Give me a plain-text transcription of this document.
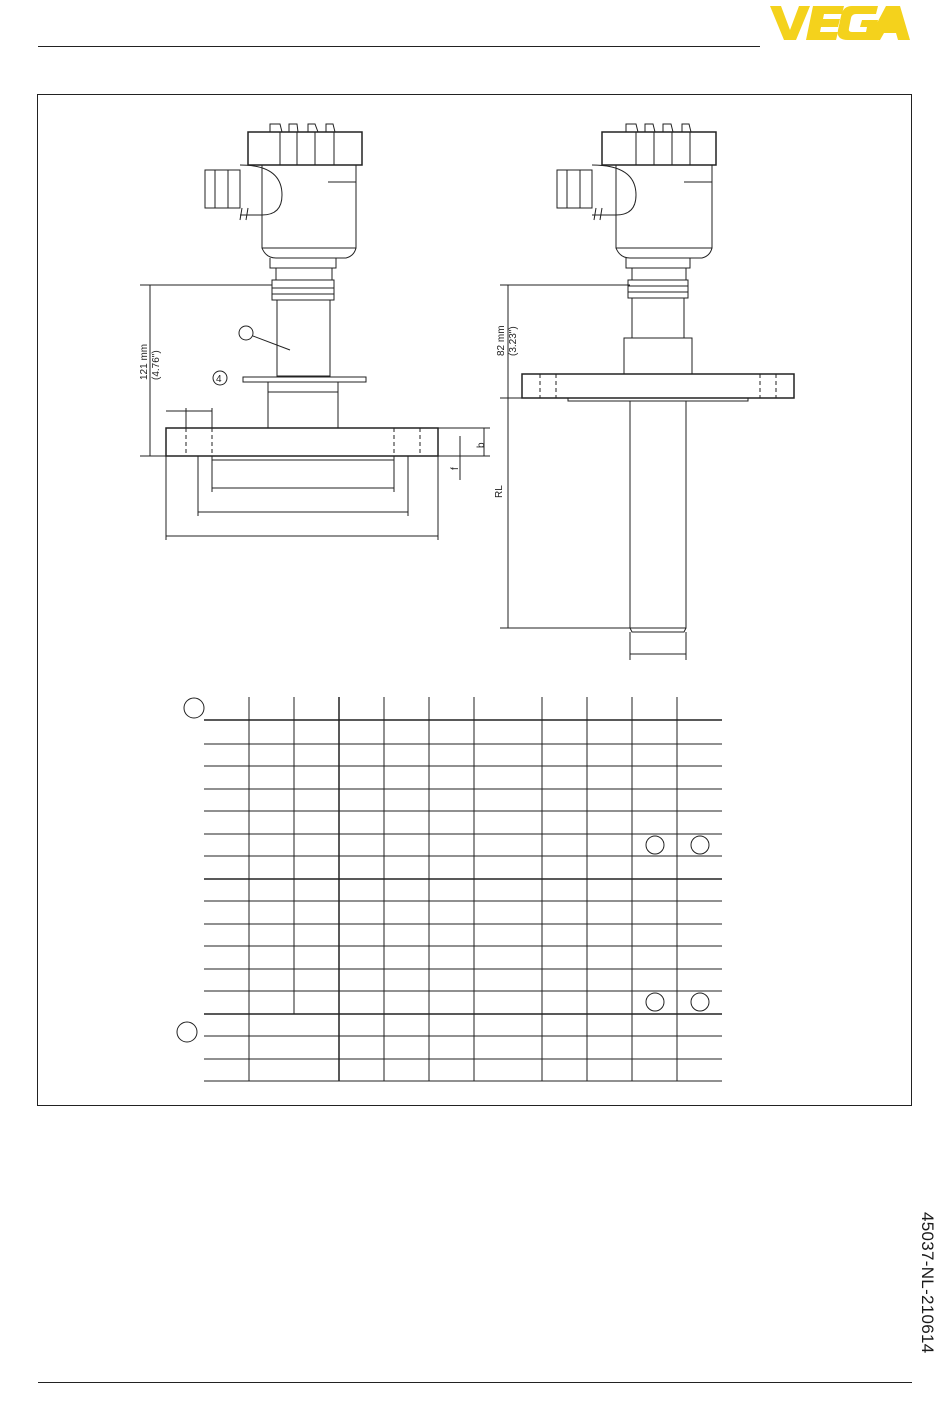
121 mm (4.76")	4
b
f
82 mm (3.23")
RL
45037-NL-210614
